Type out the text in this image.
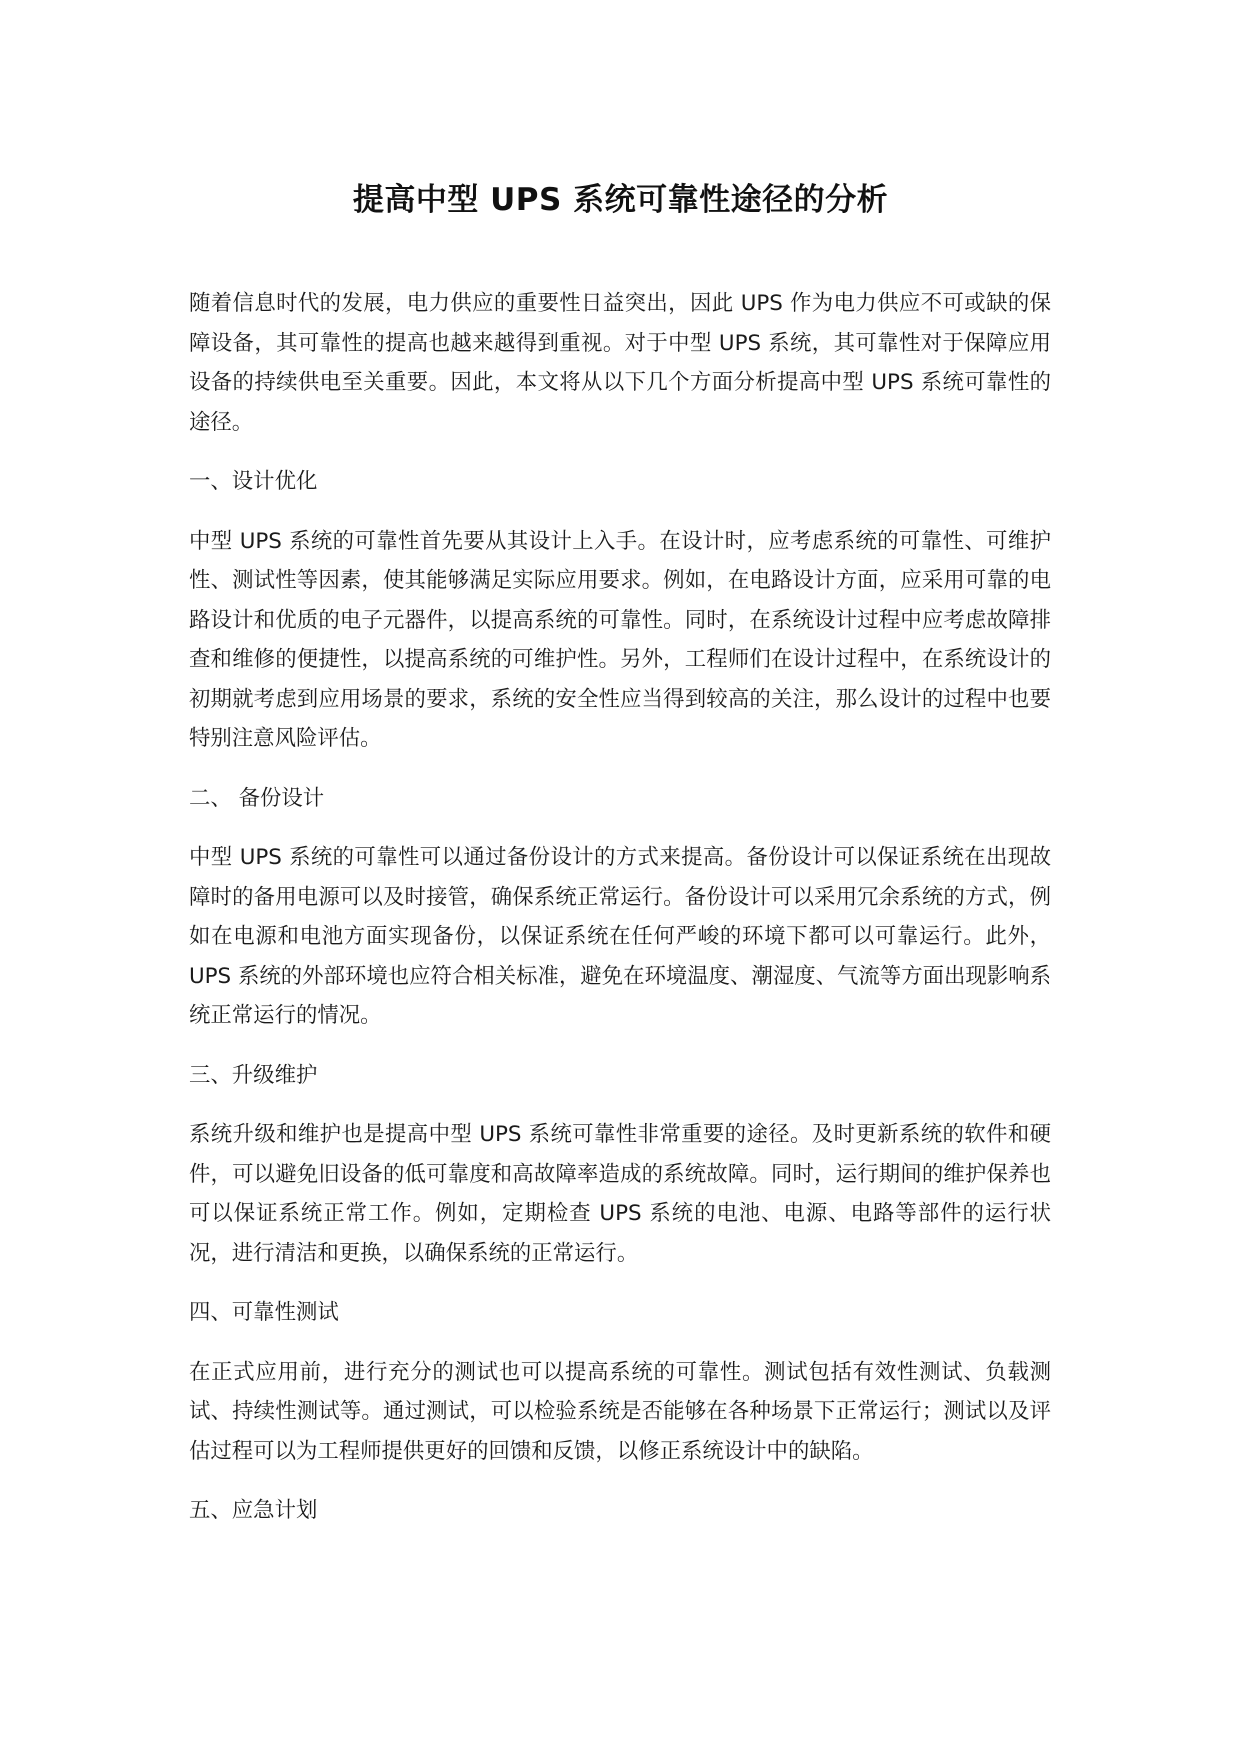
提高中型 UPS 系统可靠性途径的分析

随着信息时代的发展，电力供应的重要性日益突出，因此 UPS 作为电力供应不可或缺的保障设备，其可靠性的提高也越来越得到重视。对于中型 UPS 系统，其可靠性对于保障应用设备的持续供电至关重要。因此，本文将从以下几个方面分析提高中型 UPS 系统可靠性的途径。

一、设计优化

中型 UPS 系统的可靠性首先要从其设计上入手。在设计时，应考虑系统的可靠性、可维护性、测试性等因素，使其能够满足实际应用要求。例如，在电路设计方面，应采用可靠的电路设计和优质的电子元器件，以提高系统的可靠性。同时，在系统设计过程中应考虑故障排查和维修的便捷性，以提高系统的可维护性。另外，工程师们在设计过程中，在系统设计的初期就考虑到应用场景的要求，系统的安全性应当得到较高的关注，那么设计的过程中也要特别注意风险评估。

二、 备份设计

中型 UPS 系统的可靠性可以通过备份设计的方式来提高。备份设计可以保证系统在出现故障时的备用电源可以及时接管，确保系统正常运行。备份设计可以采用冗余系统的方式，例如在电源和电池方面实现备份，以保证系统在任何严峻的环境下都可以可靠运行。此外，UPS 系统的外部环境也应符合相关标准，避免在环境温度、潮湿度、气流等方面出现影响系统正常运行的情况。

三、升级维护

系统升级和维护也是提高中型 UPS 系统可靠性非常重要的途径。及时更新系统的软件和硬件，可以避免旧设备的低可靠度和高故障率造成的系统故障。同时，运行期间的维护保养也可以保证系统正常工作。例如，定期检查 UPS 系统的电池、电源、电路等部件的运行状况，进行清洁和更换，以确保系统的正常运行。

四、可靠性测试

在正式应用前，进行充分的测试也可以提高系统的可靠性。测试包括有效性测试、负载测试、持续性测试等。通过测试，可以检验系统是否能够在各种场景下正常运行；测试以及评估过程可以为工程师提供更好的回馈和反馈，以修正系统设计中的缺陷。

五、应急计划
